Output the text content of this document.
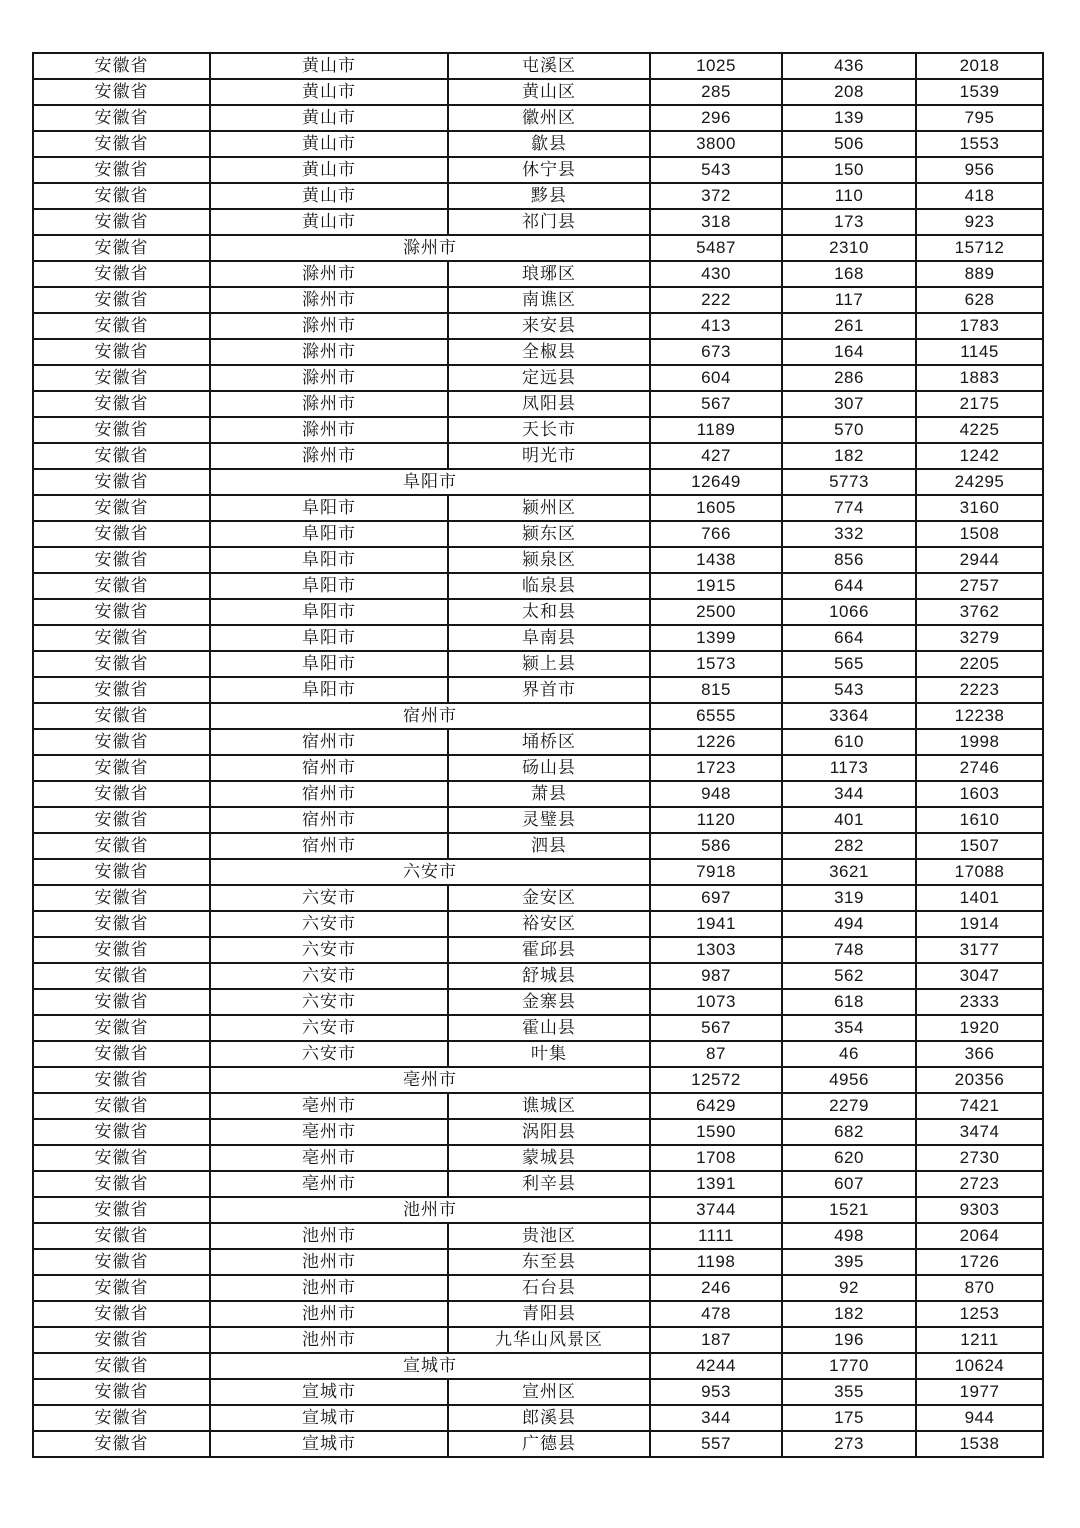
安徽省	黄山市	屯溪区	1025	436	2018
安徽省	黄山市	黄山区	285	208	1539
安徽省	黄山市	徽州区	296	139	795
安徽省	黄山市	歙县	3800	506	1553
安徽省	黄山市	休宁县	543	150	956
安徽省	黄山市	黟县	372	110	418
安徽省	黄山市	祁门县	318	173	923
安徽省	滁州市		5487	2310	15712
安徽省	滁州市	琅琊区	430	168	889
安徽省	滁州市	南谯区	222	117	628
安徽省	滁州市	来安县	413	261	1783
安徽省	滁州市	全椒县	673	164	1145
安徽省	滁州市	定远县	604	286	1883
安徽省	滁州市	凤阳县	567	307	2175
安徽省	滁州市	天长市	1189	570	4225
安徽省	滁州市	明光市	427	182	1242
安徽省	阜阳市		12649	5773	24295
安徽省	阜阳市	颍州区	1605	774	3160
安徽省	阜阳市	颍东区	766	332	1508
安徽省	阜阳市	颍泉区	1438	856	2944
安徽省	阜阳市	临泉县	1915	644	2757
安徽省	阜阳市	太和县	2500	1066	3762
安徽省	阜阳市	阜南县	1399	664	3279
安徽省	阜阳市	颍上县	1573	565	2205
安徽省	阜阳市	界首市	815	543	2223
安徽省	宿州市		6555	3364	12238
安徽省	宿州市	埇桥区	1226	610	1998
安徽省	宿州市	砀山县	1723	1173	2746
安徽省	宿州市	萧县	948	344	1603
安徽省	宿州市	灵璧县	1120	401	1610
安徽省	宿州市	泗县	586	282	1507
安徽省	六安市		7918	3621	17088
安徽省	六安市	金安区	697	319	1401
安徽省	六安市	裕安区	1941	494	1914
安徽省	六安市	霍邱县	1303	748	3177
安徽省	六安市	舒城县	987	562	3047
安徽省	六安市	金寨县	1073	618	2333
安徽省	六安市	霍山县	567	354	1920
安徽省	六安市	叶集	87	46	366
安徽省	亳州市		12572	4956	20356
安徽省	亳州市	谯城区	6429	2279	7421
安徽省	亳州市	涡阳县	1590	682	3474
安徽省	亳州市	蒙城县	1708	620	2730
安徽省	亳州市	利辛县	1391	607	2723
安徽省	池州市		3744	1521	9303
安徽省	池州市	贵池区	1111	498	2064
安徽省	池州市	东至县	1198	395	1726
安徽省	池州市	石台县	246	92	870
安徽省	池州市	青阳县	478	182	1253
安徽省	池州市	九华山风景区	187	196	1211
安徽省	宣城市		4244	1770	10624
安徽省	宣城市	宣州区	953	355	1977
安徽省	宣城市	郎溪县	344	175	944
安徽省	宣城市	广德县	557	273	1538
